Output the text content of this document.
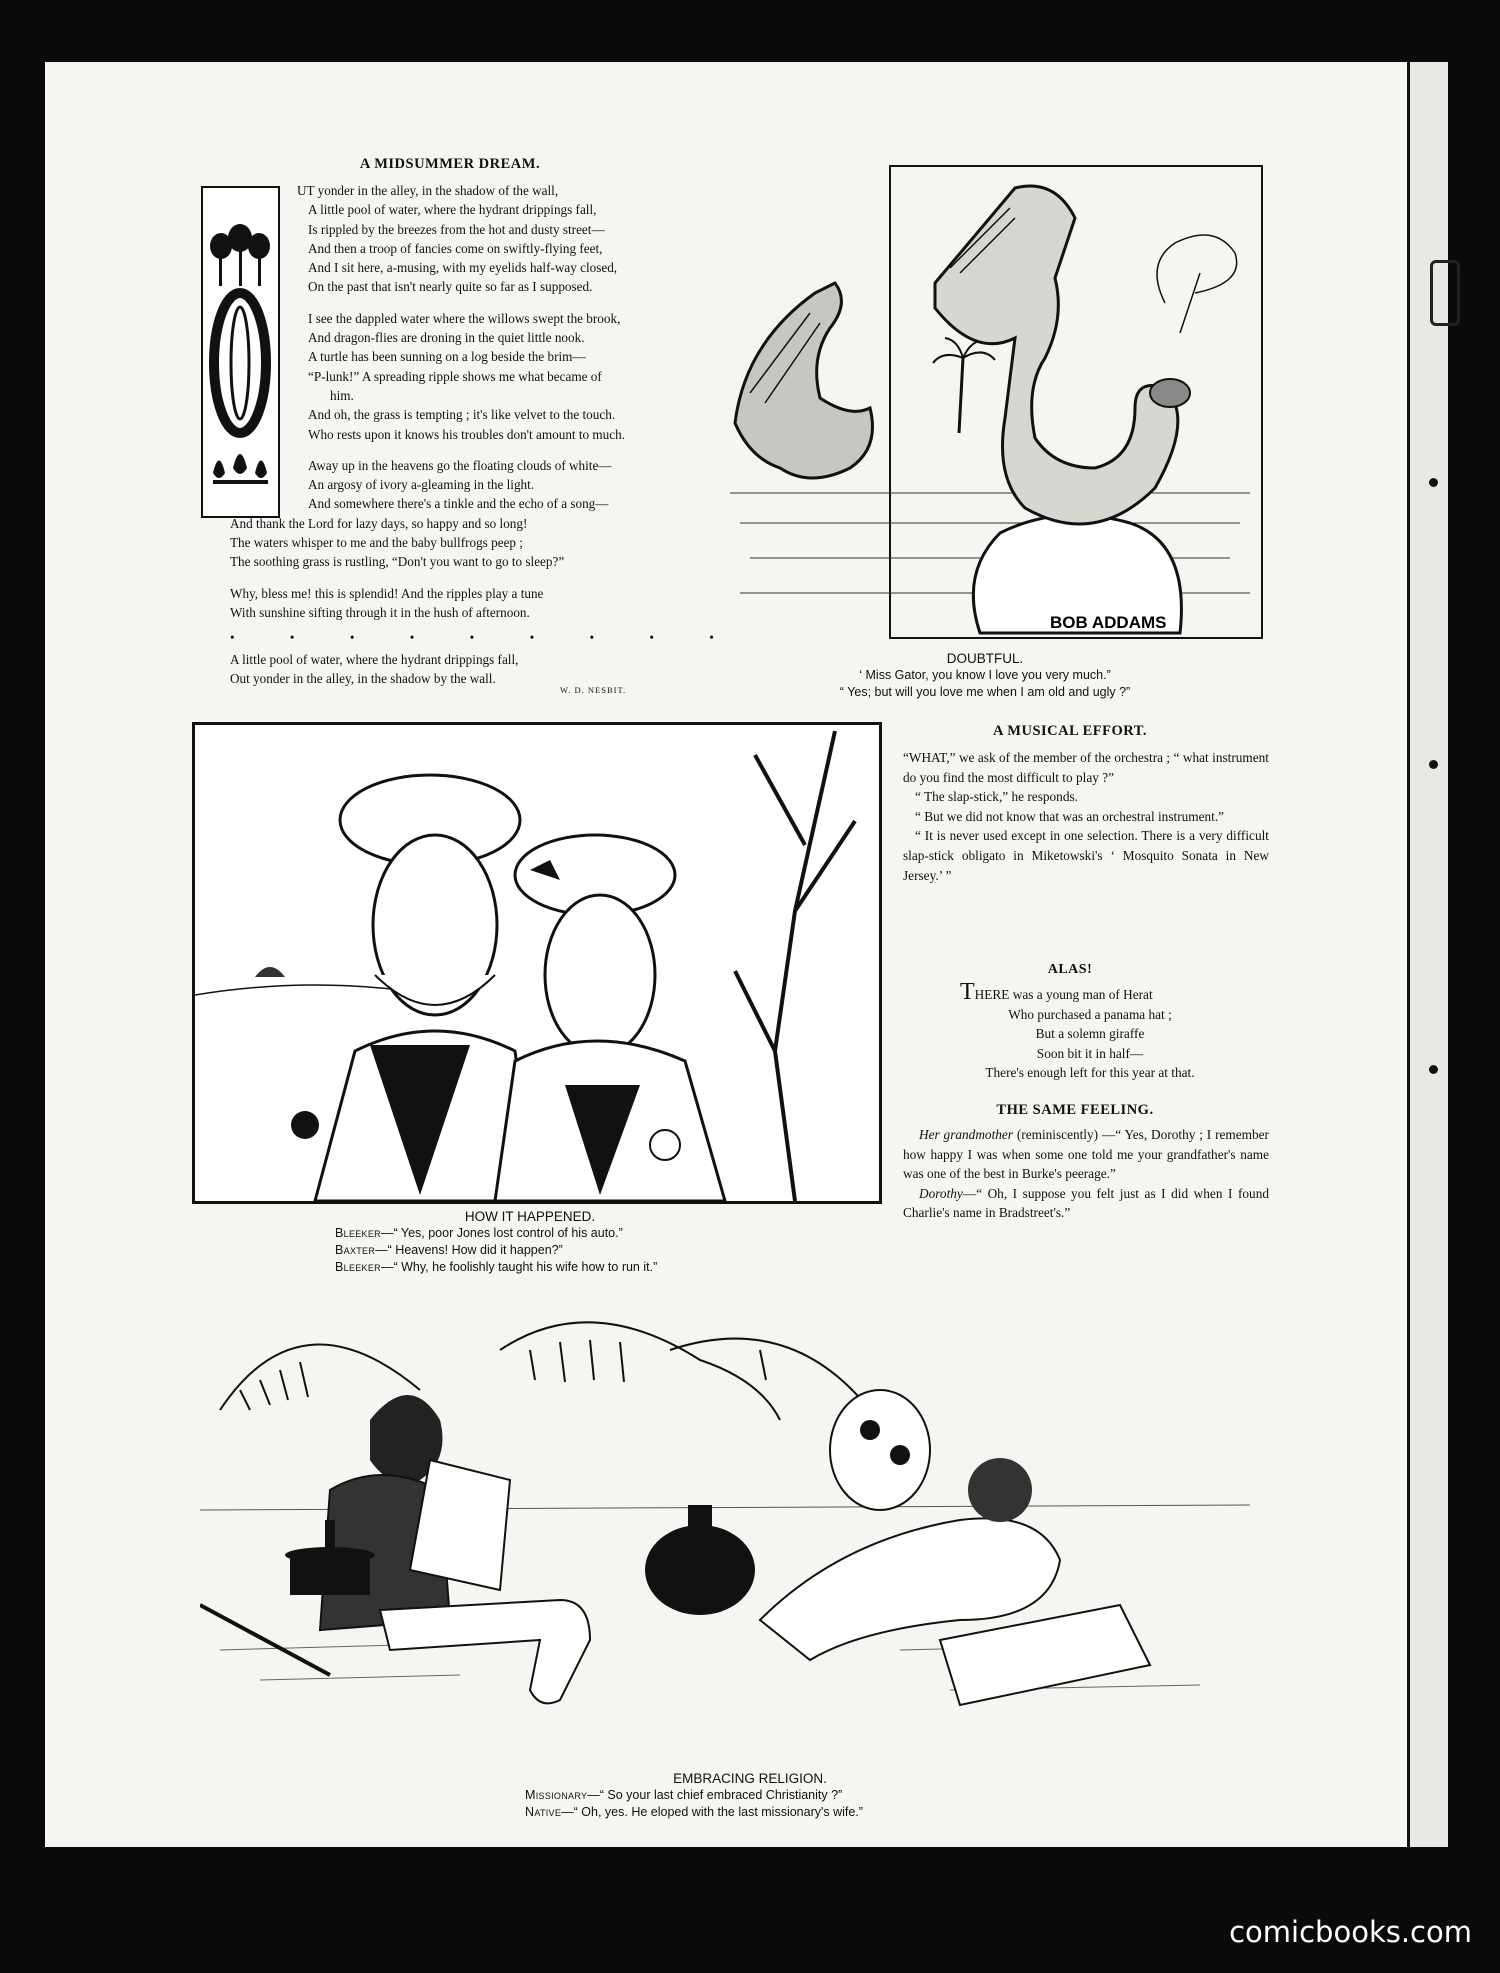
A MIDSUMMER DREAM.
UT yonder in the alley, in the shadow of the wall,
A little pool of water, where the hydrant drippings fall,
Is rippled by the breezes from the hot and dusty street—
And then a troop of fancies come on swiftly-flying feet,
And I sit here, a-musing, with my eyelids half-way closed,
On the past that isn't nearly quite so far as I supposed.
I see the dappled water where the willows swept the brook,
And dragon-flies are droning in the quiet little nook.
A turtle has been sunning on a log beside the brim—
“P-lunk!” A spreading ripple shows me what became of
him.
And oh, the grass is tempting ; it's like velvet to the touch.
Who rests upon it knows his troubles don't amount to much.
Away up in the heavens go the floating clouds of white—
An argosy of ivory a-gleaming in the light.
And somewhere there's a tinkle and the echo of a song—
And thank the Lord for lazy days, so happy and so long!
The waters whisper to me and the baby bullfrogs peep ;
The soothing grass is rustling, “Don't you want to go to sleep?”
Why, bless me! this is splendid! And the ripples play a tune
With sunshine sifting through it in the hush of afternoon.
• • • • • • • • •
A little pool of water, where the hydrant drippings fall,
Out yonder in the alley, in the shadow by the wall.
W. D. NESBIT.
BOB ADDAMS
DOUBTFUL.
‘ Miss Gator, you know I love you very much.”
“ Yes; but will you love me when I am old and ugly ?”
HOW IT HAPPENED.
Bleeker—“ Yes, poor Jones lost control of his auto.”
Baxter—“ Heavens! How did it happen?”
Bleeker—“ Why, he foolishly taught his wife how to run it.”
A MUSICAL EFFORT.

“WHAT,” we ask of the member of the orchestra ; “ what instrument do you find the most difficult to play ?”

“ The slap-stick,” he responds.

“ But we did not know that was an orchestral instrument.”

“ It is never used except in one selection. There is a very difficult slap-stick obligato in Miketowski's ‘ Mosquito Sonata in New Jersey.’ ”

ALAS!
THERE was a young man of Herat
Who purchased a panama hat ;
But a solemn giraffe
Soon bit it in half—
There's enough left for this year at that.
THE SAME FEELING.

Her grandmother (reminiscently) —“ Yes, Dorothy ; I remember how happy I was when some one told me your grandfather's name was one of the best in Burke's peerage.”

Dorothy—“ Oh, I suppose you felt just as I did when I found Charlie's name in Bradstreet's.”

EMBRACING RELIGION.
Missionary—“ So your last chief embraced Christianity ?”
Native—“ Oh, yes. He eloped with the last missionary's wife.”
comicbooks.com
